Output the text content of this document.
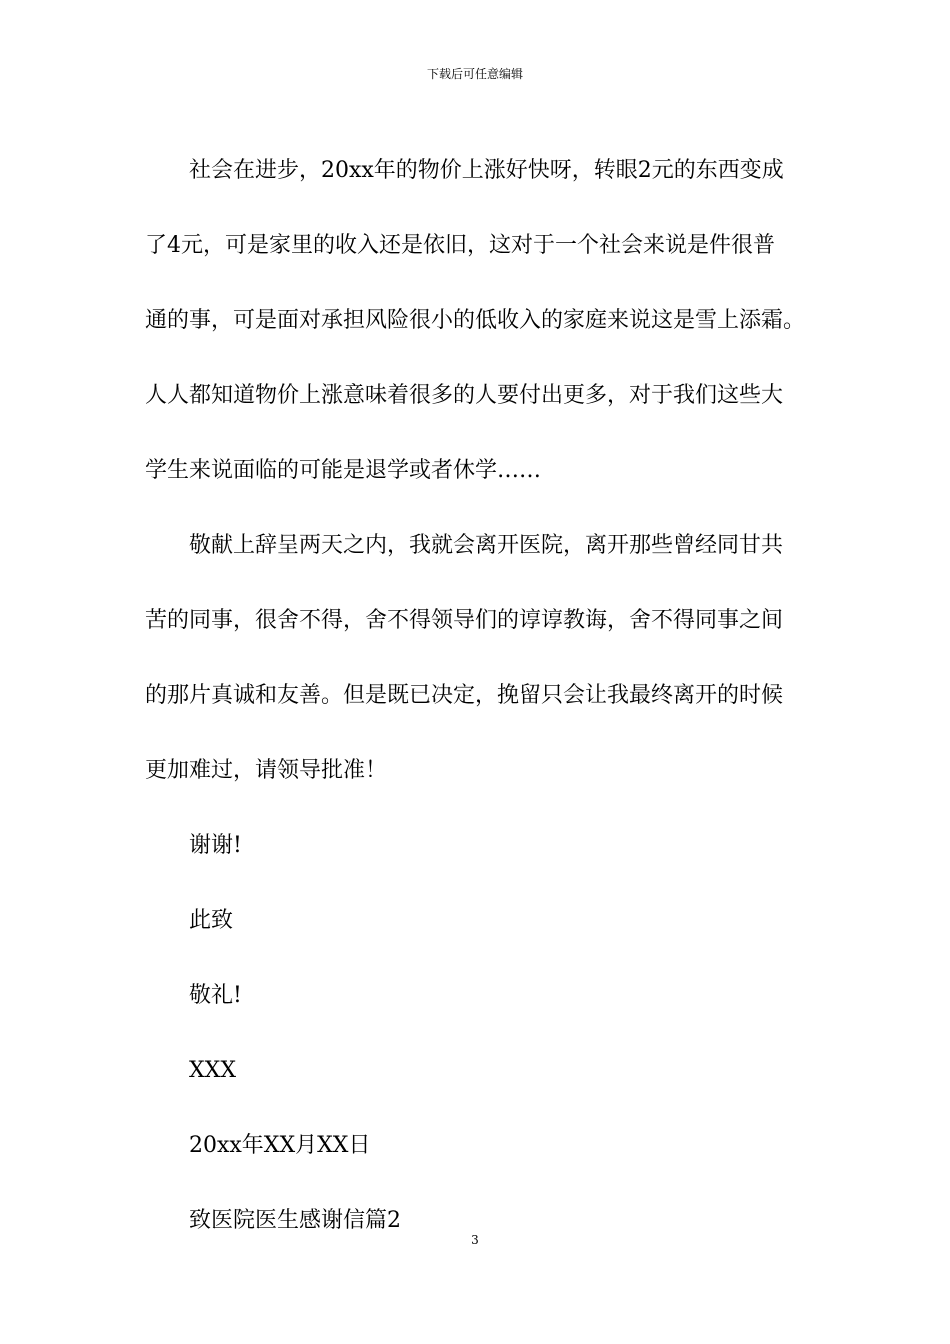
下载后可任意编辑

社会在进步，20xx年的物价上涨好快呀，转眼2元的东西变成
了4元，可是家里的收入还是依旧，这对于一个社会来说是件很普
通的事，可是面对承担风险很小的低收入的家庭来说这是雪上添霜。
人人都知道物价上涨意味着很多的人要付出更多，对于我们这些大
学生来说面临的可能是退学或者休学……

敬献上辞呈两天之内，我就会离开医院，离开那些曾经同甘共
苦的同事，很舍不得，舍不得领导们的谆谆教诲，舍不得同事之间
的那片真诚和友善。但是既已决定，挽留只会让我最终离开的时候
更加难过，请领导批准！

谢谢!

此致

敬礼!

XXX

20xx年XX月XX日

致医院医生感谢信篇2

3
